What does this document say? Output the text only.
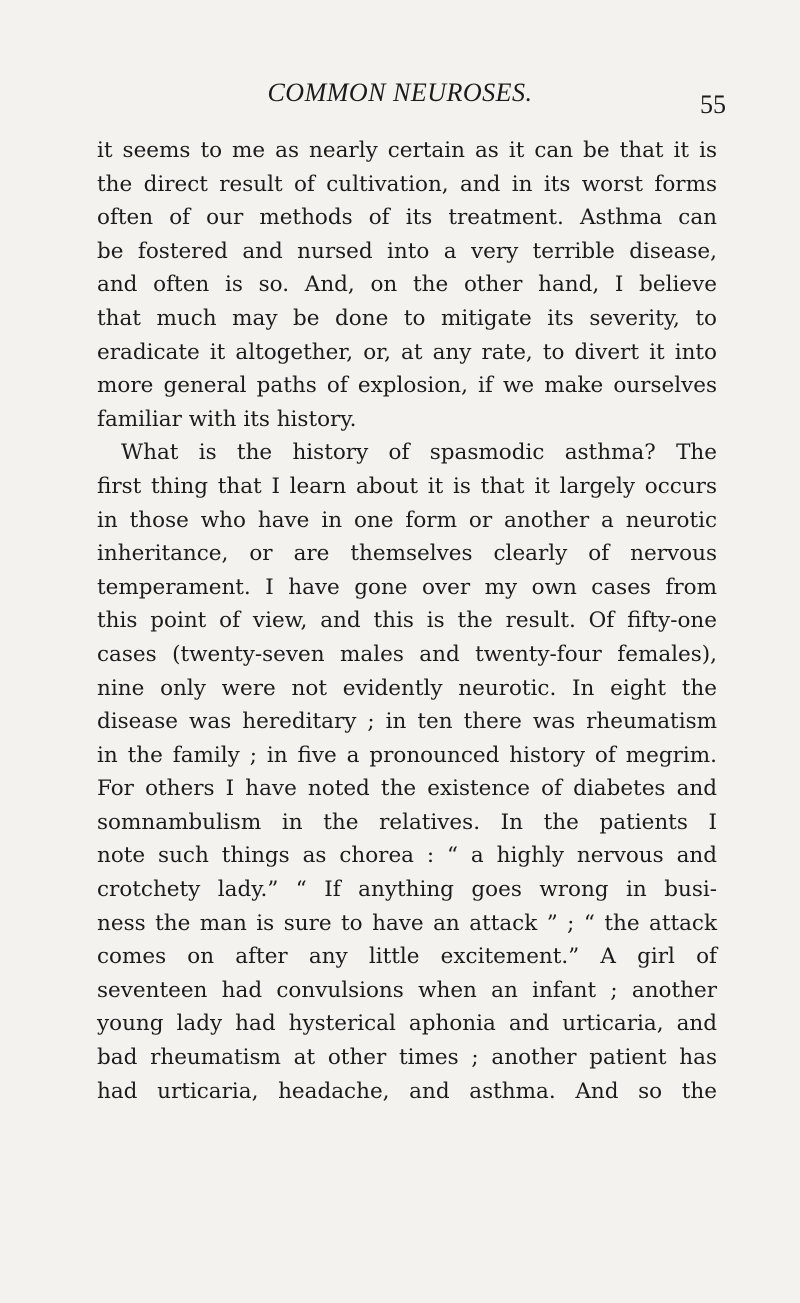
COMMON NEUROSES.	55
it seems to me as nearly certain as it can be that it is
the direct result of cultivation, and in its worst forms
often of our methods of its treatment. Asthma can
be fostered and nursed into a very terrible disease,
and often is so. And, on the other hand, I believe
that much may be done to mitigate its severity, to
eradicate it altogether, or, at any rate, to divert it into
more general paths of explosion, if we make ourselves
familiar with its history.
What is the history of spasmodic asthma? The
first thing that I learn about it is that it largely occurs
in those who have in one form or another a neurotic
inheritance, or are themselves clearly of nervous
temperament. I have gone over my own cases from
this point of view, and this is the result. Of fifty-one
cases (twenty-seven males and twenty-four females),
nine only were not evidently neurotic. In eight the
disease was hereditary ; in ten there was rheumatism
in the family ; in five a pronounced history of megrim.
For others I have noted the existence of diabetes and
somnambulism in the relatives. In the patients I
note such things as chorea : “ a highly nervous and
crotchety lady.” “ If anything goes wrong in busi-
ness the man is sure to have an attack ” ; “ the attack
comes on after any little excitement.” A girl of
seventeen had convulsions when an infant ; another
young lady had hysterical aphonia and urticaria, and
bad rheumatism at other times ; another patient has
had urticaria, headache, and asthma. And so the
